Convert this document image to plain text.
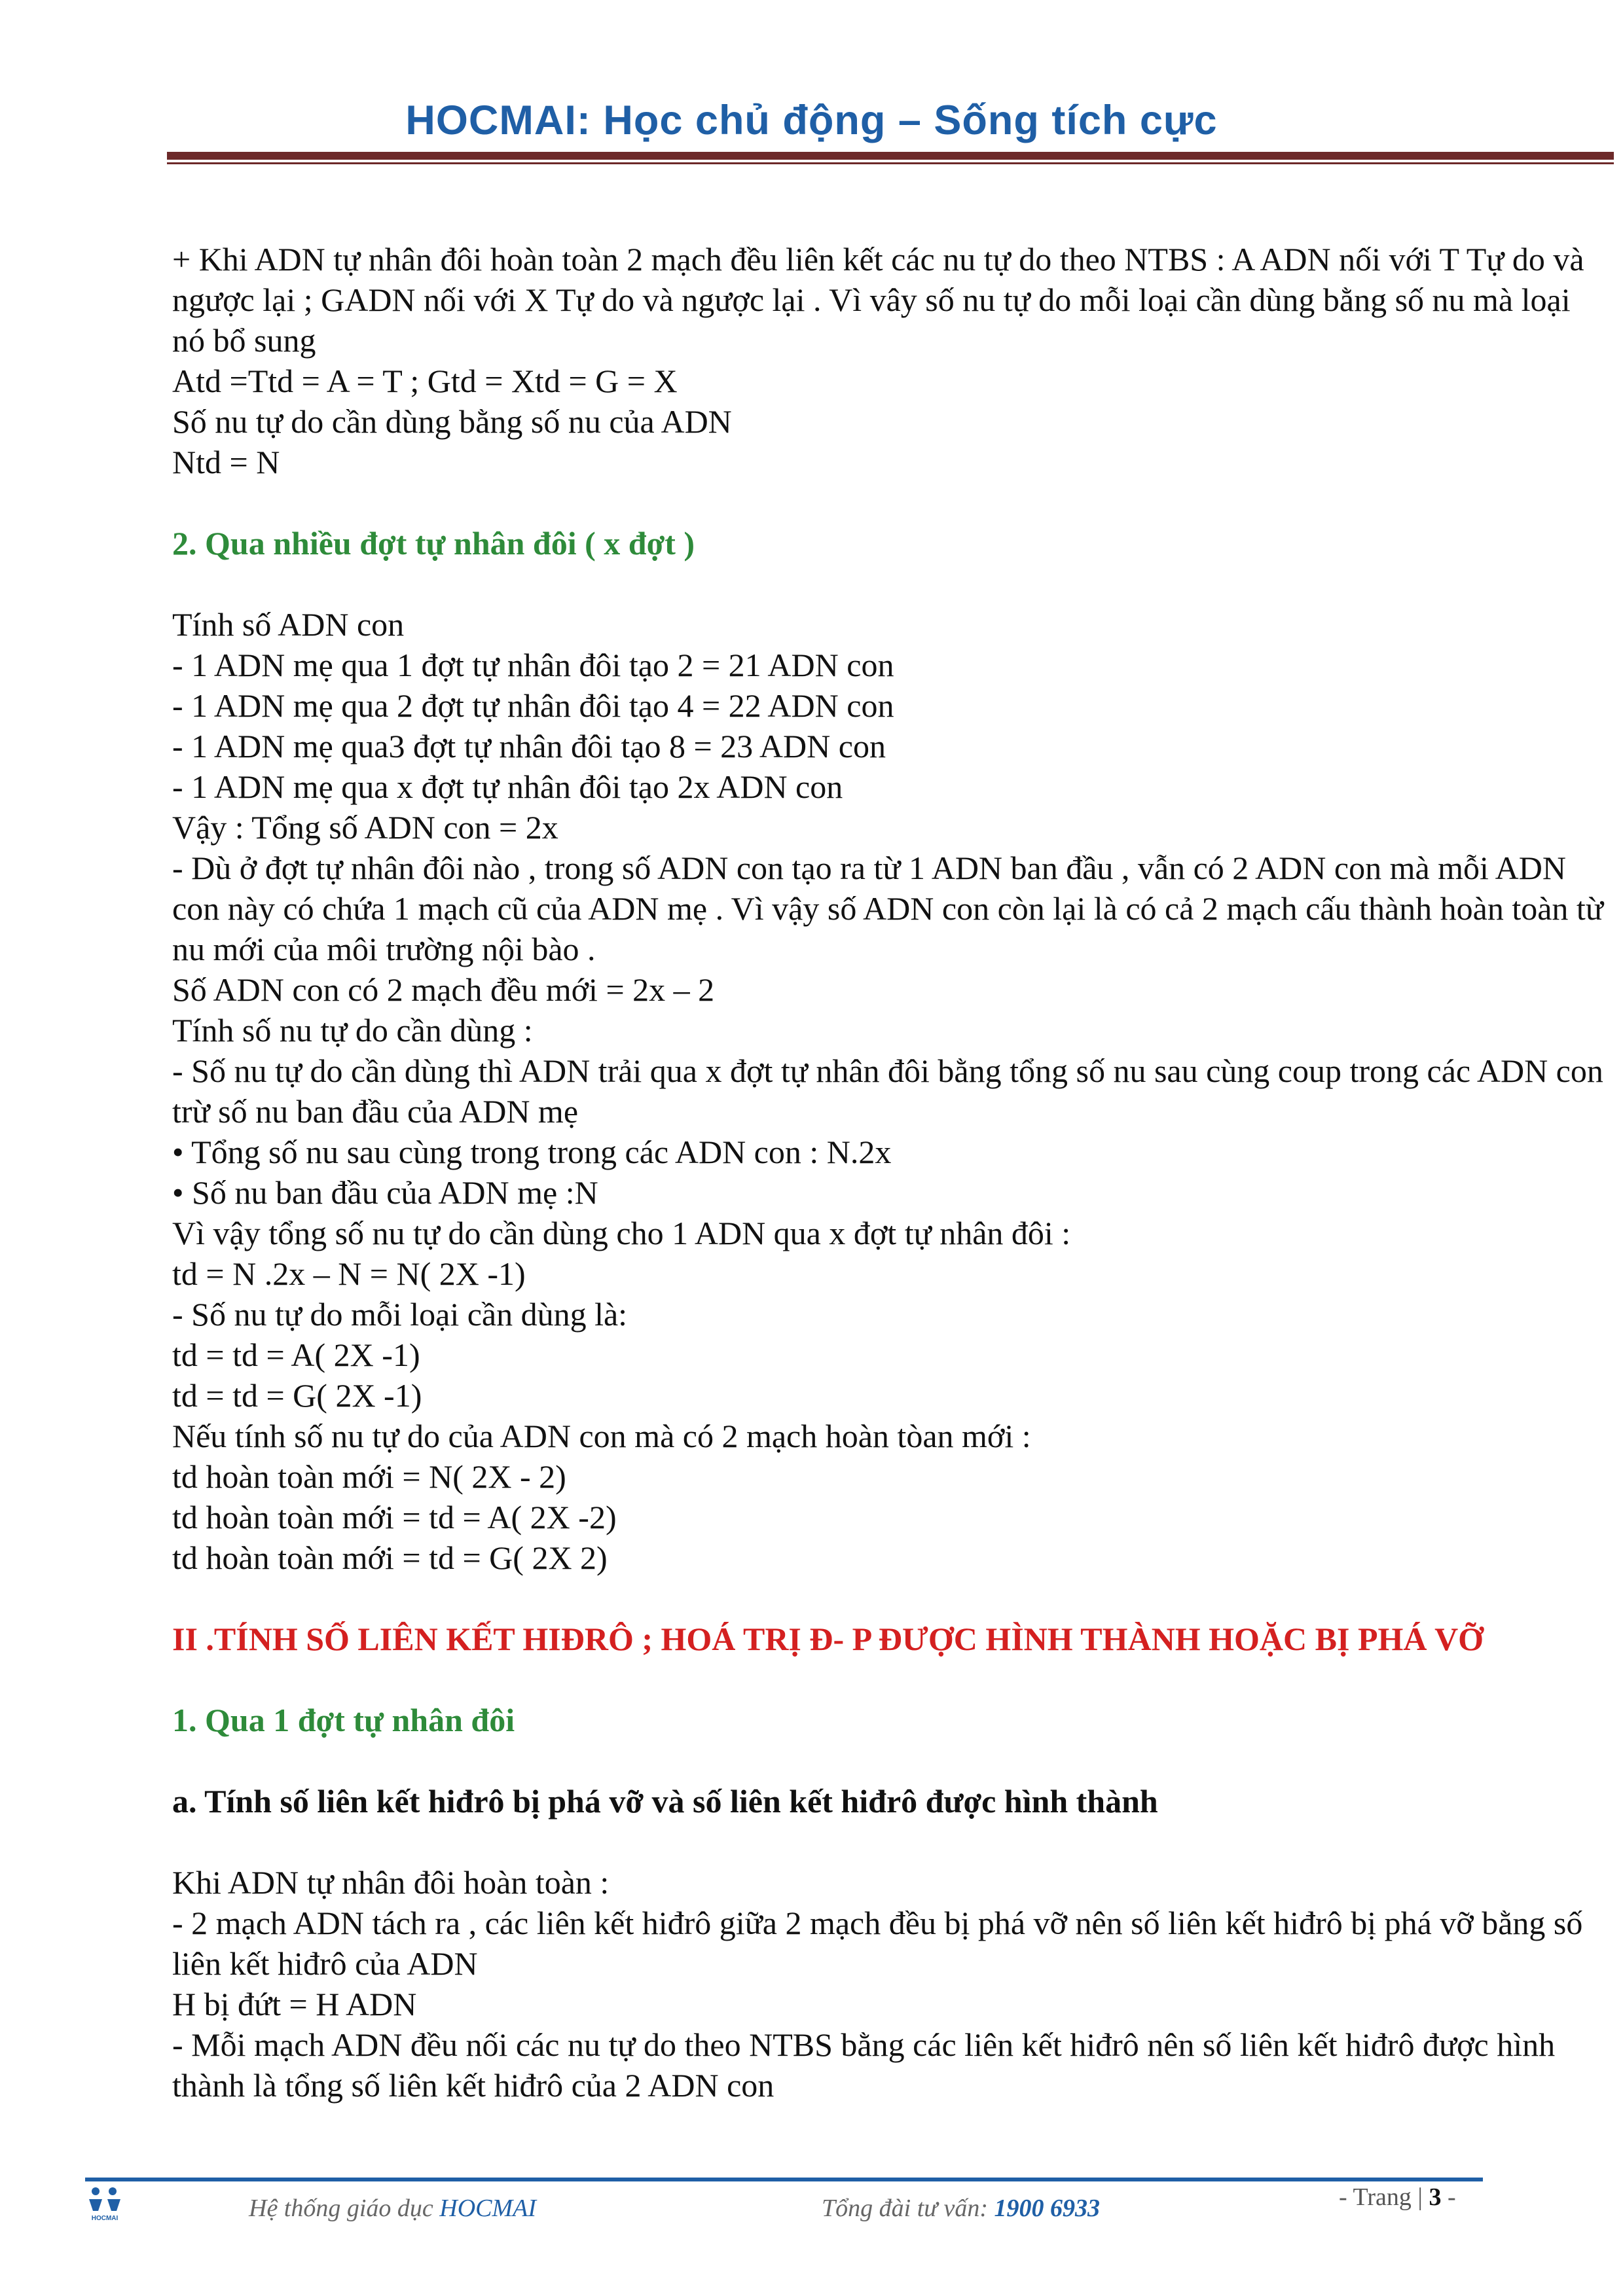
HOCMAI: Học chủ động – Sống tích cực

+ Khi ADN tự nhân đôi hoàn toàn 2 mạch đều liên kết các nu tự do theo NTBS : A ADN nối với T Tự do và ngược lại ; GADN nối với X Tự do và ngược lại . Vì vây số nu tự do mỗi loại cần dùng bằng số nu mà loại nó bổ sung

Atd =Ttd = A = T ; Gtd = Xtd = G = X

Số nu tự do cần dùng bằng số nu của ADN

Ntd = N

2. Qua nhiều đợt tự nhân đôi ( x đợt )

Tính số ADN con

- 1 ADN mẹ qua 1 đợt tự nhân đôi tạo 2 = 21 ADN con

- 1 ADN mẹ qua 2 đợt tự nhân đôi tạo 4 = 22 ADN con

- 1 ADN mẹ qua3 đợt tự nhân đôi tạo 8 = 23 ADN con

- 1 ADN mẹ qua x đợt tự nhân đôi tạo 2x ADN con

Vậy : Tổng số ADN con = 2x

- Dù ở đợt tự nhân đôi nào , trong số ADN con tạo ra từ 1 ADN ban đầu , vẫn có 2 ADN con mà mỗi ADN con này có chứa 1 mạch cũ của ADN mẹ . Vì vậy số ADN con còn lại là có cả 2 mạch cấu thành hoàn toàn từ nu mới của môi trường nội bào .

Số ADN con có 2 mạch đều mới = 2x – 2

Tính số nu tự do cần dùng :

- Số nu tự do cần dùng thì ADN trải qua x đợt tự nhân đôi bằng tổng số nu sau cùng coup trong các ADN con trừ số nu ban đầu của ADN mẹ

• Tổng số nu sau cùng trong trong các ADN con : N.2x

• Số nu ban đầu của ADN mẹ :N

Vì vậy tổng số nu tự do cần dùng cho 1 ADN qua x đợt tự nhân đôi :

td = N .2x – N = N( 2X -1)

- Số nu tự do mỗi loại cần dùng là:

td = td = A( 2X -1)

td = td = G( 2X -1)

Nếu tính số nu tự do của ADN con mà có 2 mạch hoàn tòan mới :

td hoàn toàn mới = N( 2X - 2)

td hoàn toàn mới = td = A( 2X -2)

td hoàn toàn mới = td = G( 2X 2)

II .TÍNH SỐ LIÊN KẾT HIĐRÔ ; HOÁ TRỊ Đ- P ĐƯỢC HÌNH THÀNH HOẶC BỊ PHÁ VỠ

1. Qua 1 đợt tự nhân đôi

a. Tính số liên kết hiđrô bị phá vỡ và số liên kết hiđrô được hình thành

Khi ADN tự nhân đôi hoàn toàn :

- 2 mạch ADN tách ra , các liên kết hiđrô giữa 2 mạch đều bị phá vỡ nên số liên kết hiđrô bị phá vỡ bằng số liên kết hiđrô của ADN

H bị đứt = H ADN

- Mỗi mạch ADN đều nối các nu tự do theo NTBS bằng các liên kết hiđrô nên số liên kết hiđrô được hình thành là tổng số liên kết hiđrô của 2 ADN con

HOCMAI	Hệ thống giáo dục HOCMAI	Tổng đài tư vấn: 1900 6933	- Trang | 3 -
